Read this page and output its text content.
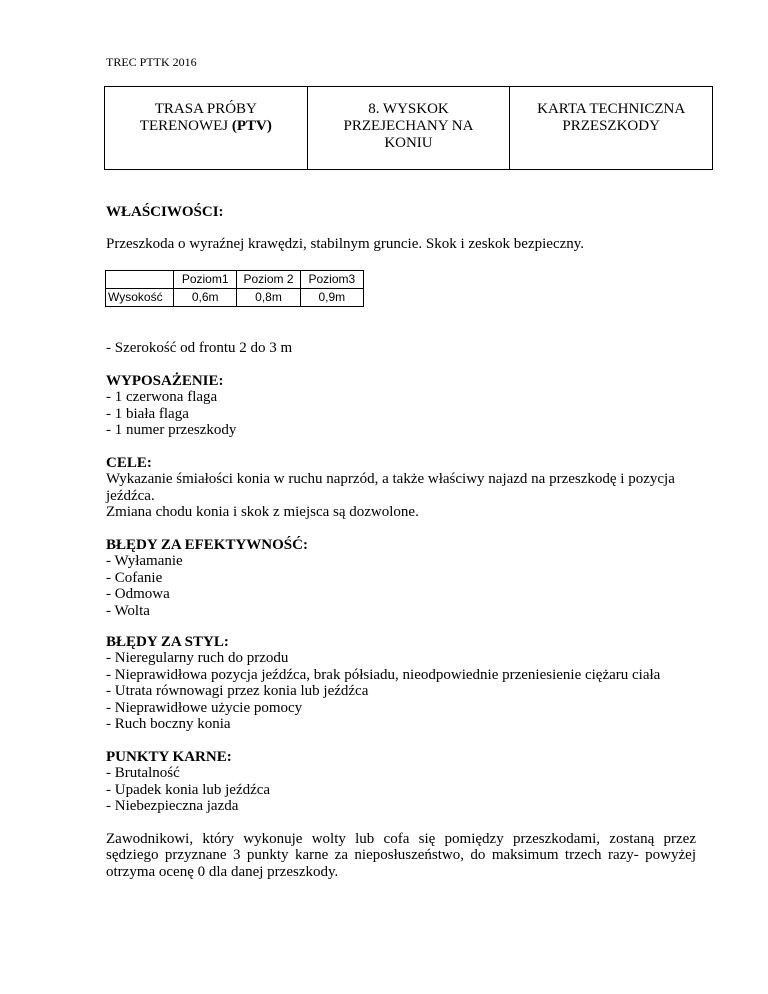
TREC PTTK 2016
TRASA PRÓBY
TERENOWEJ (PTV)

8. WYSKOK
PRZEJECHANY NA
KONIU

KARTA TECHNICZNA
PRZESZKODY
WŁAŚCIWOŚCI:
Przeszkoda o wyraźnej krawędzi, stabilnym gruncie. Skok i zeskok bezpieczny.
	Poziom1	Poziom 2	Poziom3
Wysokość	0,6m	0,8m	0,9m
- Szerokość od frontu 2 do 3 m
WYPOSAŻENIE:
- 1 czerwona flaga
- 1 biała flaga
- 1 numer przeszkody
CELE:
Wykazanie śmiałości konia w ruchu naprzód, a także właściwy najazd na przeszkodę i pozycja jeźdźca.
Zmiana chodu konia i skok z miejsca są dozwolone.
BŁĘDY ZA EFEKTYWNOŚĆ:
- Wyłamanie
- Cofanie
- Odmowa
- Wolta
BŁĘDY ZA STYL:
- Nieregularny ruch do przodu
- Nieprawidłowa pozycja jeźdźca, brak półsiadu, nieodpowiednie przeniesienie ciężaru ciała
- Utrata równowagi przez konia lub jeźdźca
- Nieprawidłowe użycie pomocy
- Ruch boczny konia
PUNKTY KARNE:
- Brutalność
- Upadek konia lub jeźdźca
- Niebezpieczna jazda
Zawodnikowi, który wykonuje wolty lub cofa się pomiędzy przeszkodami, zostaną przez sędziego przyznane 3 punkty karne za nieposłuszeństwo, do maksimum trzech razy- powyżej otrzyma ocenę 0 dla danej przeszkody.
